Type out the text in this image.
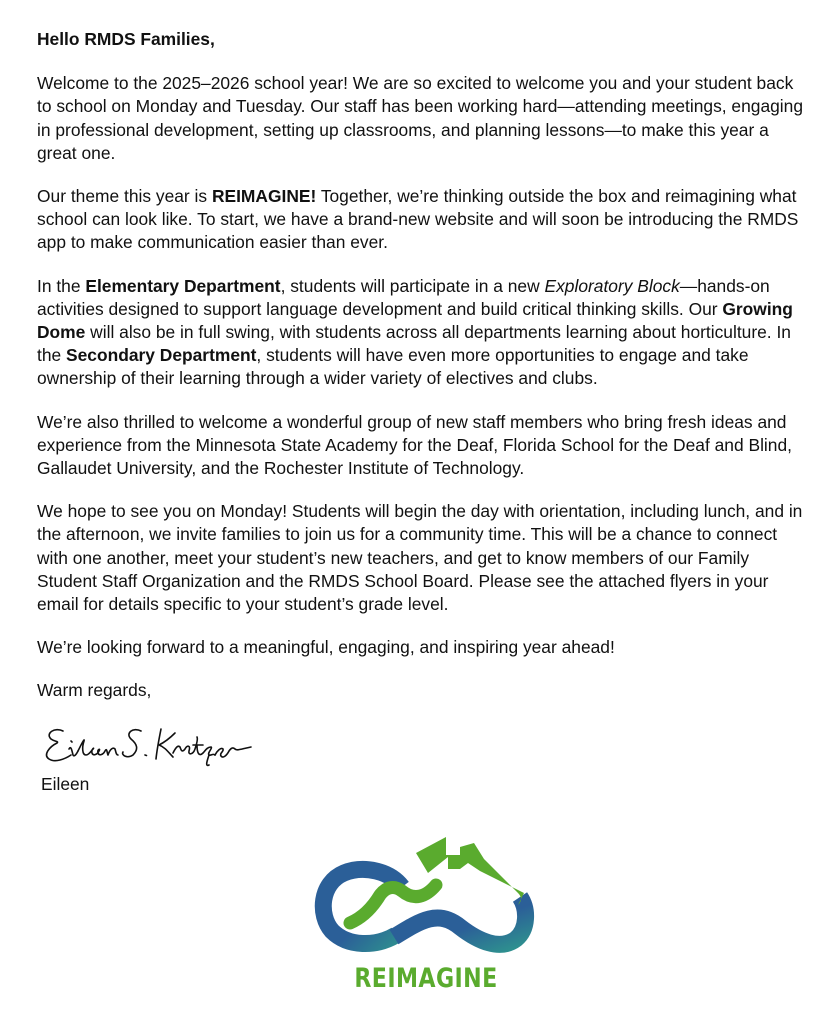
Hello RMDS Families,

Welcome to the 2025–2026 school year! We are so excited to welcome you and your student back to school on Monday and Tuesday. Our staff has been working hard—attending meetings, engaging in professional development, setting up classrooms, and planning lessons—to make this year a great one.

Our theme this year is REIMAGINE! Together, we’re thinking outside the box and reimagining what school can look like. To start, we have a brand-new website and will soon be introducing the RMDS app to make communication easier than ever.

In the Elementary Department, students will participate in a new Exploratory Block—hands-on activities designed to support language development and build critical thinking skills. Our Growing Dome will also be in full swing, with students across all departments learning about horticulture. In the Secondary Department, students will have even more opportunities to engage and take ownership of their learning through a wider variety of electives and clubs.

We’re also thrilled to welcome a wonderful group of new staff members who bring fresh ideas and experience from the Minnesota State Academy for the Deaf, Florida School for the Deaf and Blind, Gallaudet University, and the Rochester Institute of Technology.

We hope to see you on Monday! Students will begin the day with orientation, including lunch, and in the afternoon, we invite families to join us for a community time. This will be a chance to connect with one another, meet your student’s new teachers, and get to know members of our Family Student Staff Organization and the RMDS School Board. Please see the attached flyers in your email for details specific to your student’s grade level.

We’re looking forward to a meaningful, engaging, and inspiring year ahead!

Warm regards,

Eileen
REIMAGINE
